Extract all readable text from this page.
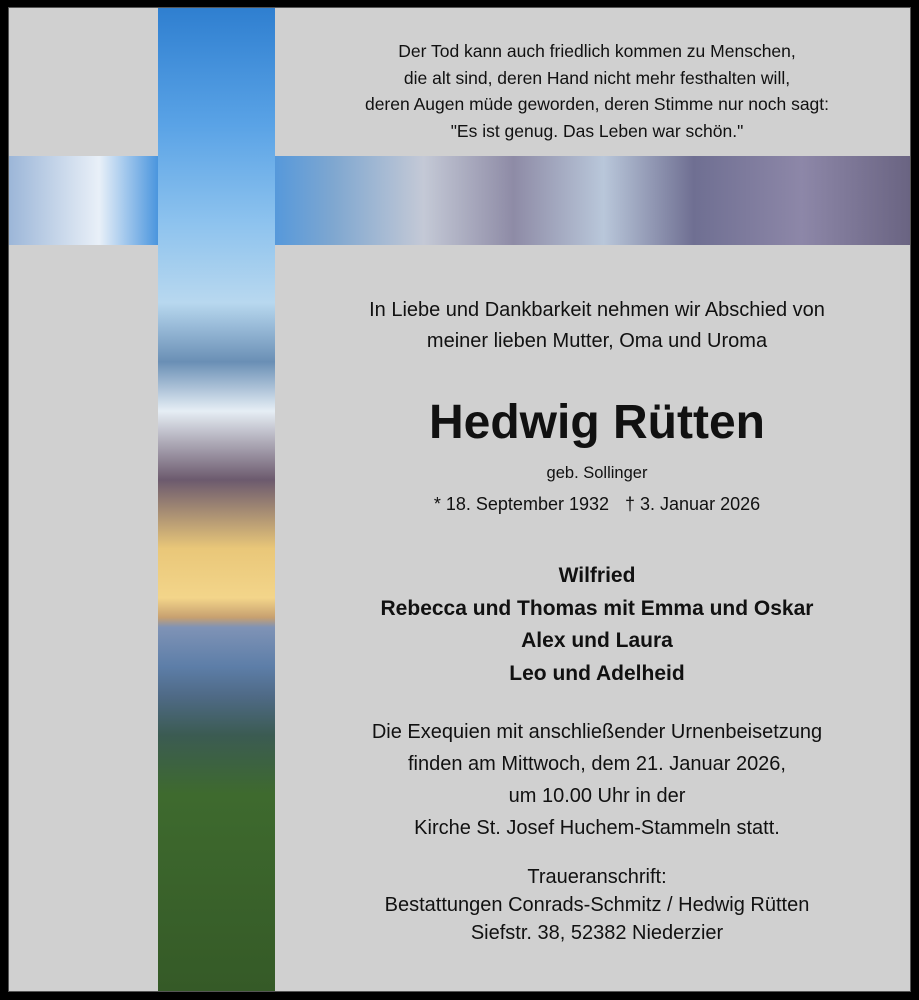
Der Tod kann auch friedlich kommen zu Menschen,
die alt sind, deren Hand nicht mehr festhalten will,
deren Augen müde geworden, deren Stimme nur noch sagt:
"Es ist genug. Das Leben war schön."
In Liebe und Dankbarkeit nehmen wir Abschied von
meiner lieben Mutter, Oma und Uroma
Hedwig Rütten
geb. Sollinger
* 18. September 1932 † 3. Januar 2026
Wilfried
Rebecca und Thomas mit Emma und Oskar
Alex und Laura
Leo und Adelheid
Die Exequien mit anschließender Urnenbeisetzung
finden am Mittwoch, dem 21. Januar 2026,
um 10.00 Uhr in der
Kirche St. Josef Huchem-Stammeln statt.
Traueranschrift:
Bestattungen Conrads-Schmitz / Hedwig Rütten
Siefstr. 38, 52382 Niederzier
